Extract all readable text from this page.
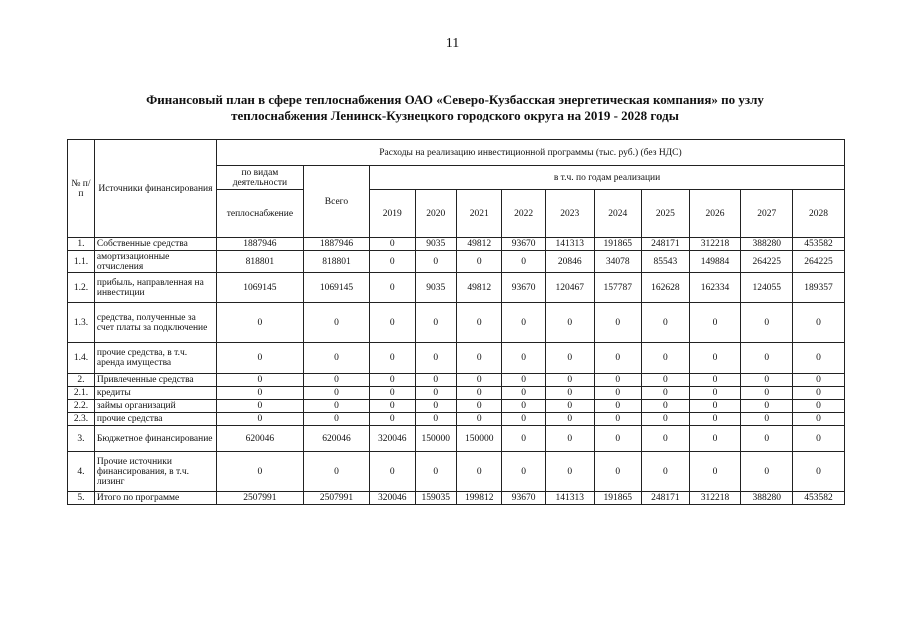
11
Финансовый план в сфере теплоснабжения ОАО «Северо-Кузбасская энергетическая компания» по узлу
теплоснабжения Ленинск-Кузнецкого городского округа на 2019 - 2028 годы
№ п/п	Источники финансирования	Расходы на реализацию инвестиционной программы (тыс. руб.) (без НДС)											
		по видам деятельности	Всего	в т.ч. по годам реализации									
		теплоснабжение		2019	2020	2021	2022	2023	2024	2025	2026	2027	2028
1.	Собственные средства	1887946	1887946	0	9035	49812	93670	141313	191865	248171	312218	388280	453582
1.1.	амортизационные отчисления	818801	818801	0	0	0	0	20846	34078	85543	149884	264225	264225
1.2.	прибыль, направленная на инвестиции	1069145	1069145	0	9035	49812	93670	120467	157787	162628	162334	124055	189357
1.3.	средства, полученные за счет платы за подключение	0	0	0	0	0	0	0	0	0	0	0	0
1.4.	прочие средства, в т.ч. аренда имущества	0	0	0	0	0	0	0	0	0	0	0	0
2.	Привлеченные средства	0	0	0	0	0	0	0	0	0	0	0	0
2.1.	кредиты	0	0	0	0	0	0	0	0	0	0	0	0
2.2.	займы организаций	0	0	0	0	0	0	0	0	0	0	0	0
2.3.	прочие средства	0	0	0	0	0	0	0	0	0	0	0	0
3.	Бюджетное финансирование	620046	620046	320046	150000	150000	0	0	0	0	0	0	0
4.	Прочие источники финансирования, в т.ч. лизинг	0	0	0	0	0	0	0	0	0	0	0	0
5.	Итого по программе	2507991	2507991	320046	159035	199812	93670	141313	191865	248171	312218	388280	453582
